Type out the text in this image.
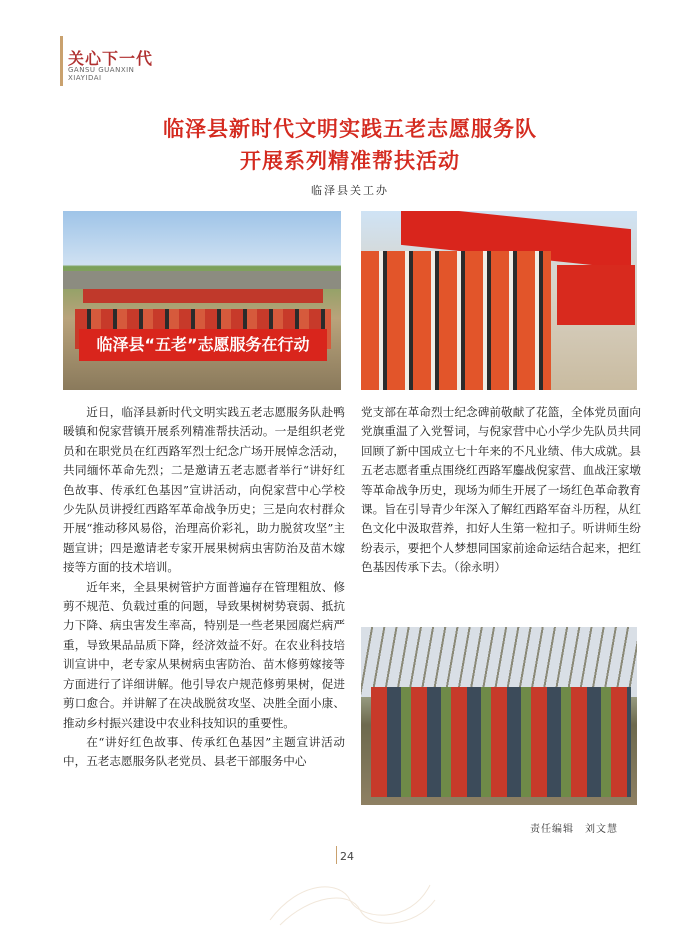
关心下一代
GANSU GUANXIN
XIAYIDAI
临泽县新时代文明实践五老志愿服务队
开展系列精准帮扶活动
临泽县关工办
临泽县“五老”志愿服务在行动

近日，临泽县新时代文明实践五老志愿服务队赴鸭暖镇和倪家营镇开展系列精准帮扶活动。一是组织老党员和在职党员在红西路军烈士纪念广场开展悼念活动，共同缅怀革命先烈；二是邀请五老志愿者举行“讲好红色故事、传承红色基因”宣讲活动，向倪家营中心学校少先队员讲授红西路军革命战争历史；三是向农村群众开展“推动移风易俗，治理高价彩礼，助力脱贫攻坚”主题宣讲；四是邀请老专家开展果树病虫害防治及苗木嫁接等方面的技术培训。

近年来，全县果树管护方面普遍存在管理粗放、修剪不规范、负载过重的问题，导致果树树势衰弱、抵抗力下降、病虫害发生率高，特别是一些老果园腐烂病严重，导致果品品质下降，经济效益不好。在农业科技培训宣讲中，老专家从果树病虫害防治、苗木修剪嫁接等方面进行了详细讲解。他引导农户规范修剪果树，促进剪口愈合。并讲解了在决战脱贫攻坚、决胜全面小康、推动乡村振兴建设中农业科技知识的重要性。

在“讲好红色故事、传承红色基因”主题宣讲活动中，五老志愿服务队老党员、县老干部服务中心

党支部在革命烈士纪念碑前敬献了花篮，全体党员面向党旗重温了入党誓词，与倪家营中心小学少先队员共同回顾了新中国成立七十年来的不凡业绩、伟大成就。县五老志愿者重点围绕红西路军鏖战倪家营、血战汪家墩等革命战争历史，现场为师生开展了一场红色革命教育课。旨在引导青少年深入了解红西路军奋斗历程，从红色文化中汲取营养，扣好人生第一粒扣子。听讲师生纷纷表示，要把个人梦想同国家前途命运结合起来，把红色基因传承下去。（徐永明）

责任编辑　刘文慧
24
